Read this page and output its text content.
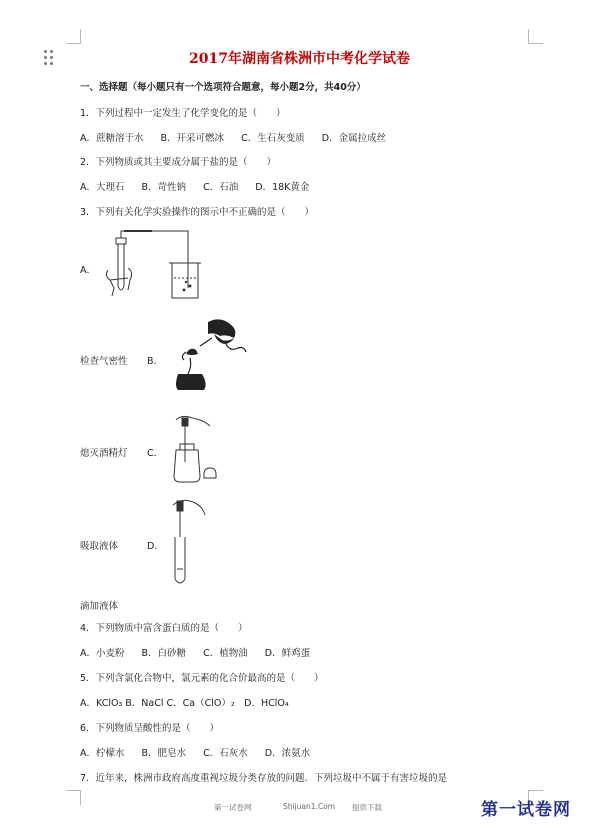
2017年湖南省株洲市中考化学试卷
一、选择题（每小题只有一个选项符合题意，每小题2分，共40分）
1．下列过程中一定发生了化学变化的是（　　）
A．蔗糖溶于水 B．开采可燃冰 C．生石灰变质 D．金属拉成丝
2．下列物质或其主要成分属于盐的是（　　）
A．大理石 B．苛性钠 C．石油 D．18K黄金
3．下列有关化学实验操作的图示中不正确的是（　　）
A．
检查气密性 B．
熄灭酒精灯 C．
吸取液体	D．
滴加液体
4．下列物质中富含蛋白质的是（　　）
A．小麦粉 B．白砂糖 C．植物油 D．鲜鸡蛋
5．下列含氯化合物中，氯元素的化合价最高的是（　　）
A．KClO₃ B．NaCl C．Ca（ClO）₂　D．HClO₄
6．下列物质呈酸性的是（　　）
A．柠檬水 B．肥皂水 C．石灰水 D．浓氨水
7．近年来，株洲市政府高度重视垃圾分类存放的问题．下列垃圾中不属于有害垃圾的是
第一试卷网	Shijuan1.Com 提供下载	第一试卷网
